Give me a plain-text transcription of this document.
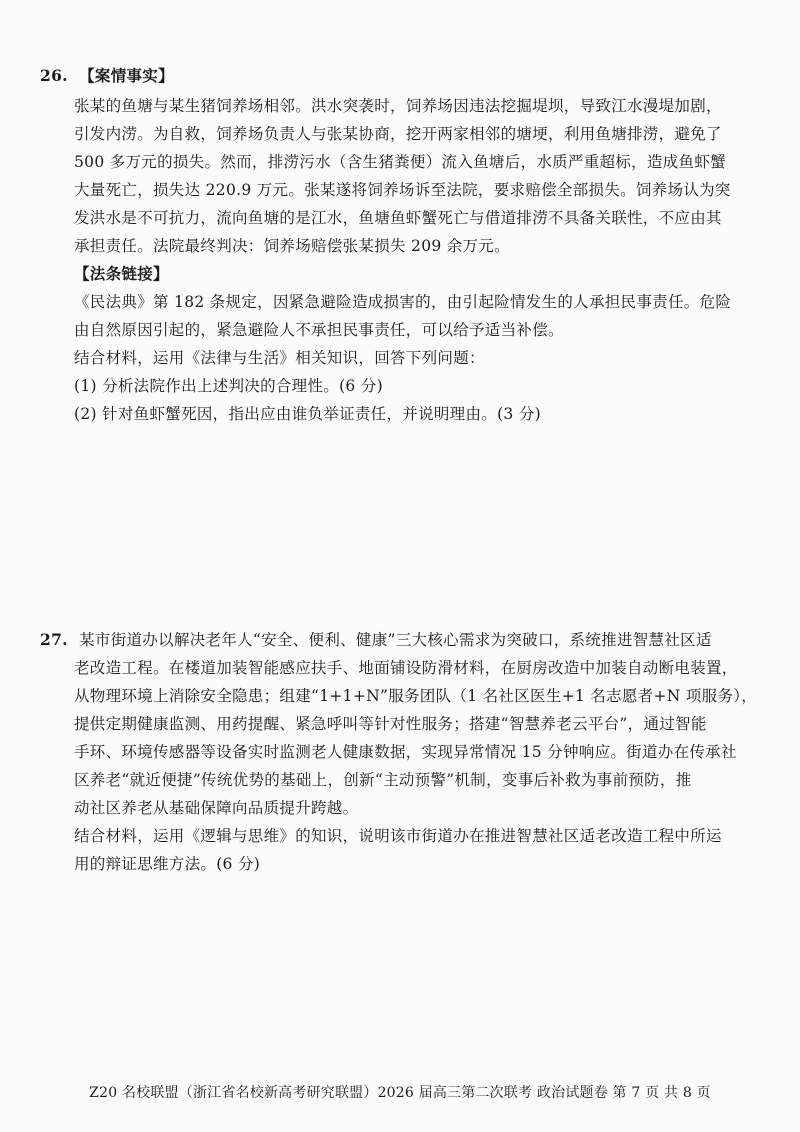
26. 【案情事实】
张某的鱼塘与某生猪饲养场相邻。洪水突袭时，饲养场因违法挖掘堤坝，导致江水漫堤加剧，
引发内涝。为自救，饲养场负责人与张某协商，挖开两家相邻的塘埂，利用鱼塘排涝，避免了
500 多万元的损失。然而，排涝污水（含生猪粪便）流入鱼塘后，水质严重超标，造成鱼虾蟹
大量死亡，损失达 220.9 万元。张某遂将饲养场诉至法院，要求赔偿全部损失。饲养场认为突
发洪水是不可抗力，流向鱼塘的是江水，鱼塘鱼虾蟹死亡与借道排涝不具备关联性，不应由其
承担责任。法院最终判决：饲养场赔偿张某损失 209 余万元。
【法条链接】
《民法典》第 182 条规定，因紧急避险造成损害的，由引起险情发生的人承担民事责任。危险
由自然原因引起的，紧急避险人不承担民事责任，可以给予适当补偿。
结合材料，运用《法律与生活》相关知识，回答下列问题：
(1) 分析法院作出上述判决的合理性。(6 分)
(2) 针对鱼虾蟹死因，指出应由谁负举证责任，并说明理由。(3 分)
27. 某市街道办以解决老年人“安全、便利、健康”三大核心需求为突破口，系统推进智慧社区适
老改造工程。在楼道加装智能感应扶手、地面铺设防滑材料，在厨房改造中加装自动断电装置，
从物理环境上消除安全隐患；组建“1+1+N”服务团队（1 名社区医生+1 名志愿者+N 项服务），
提供定期健康监测、用药提醒、紧急呼叫等针对性服务；搭建“智慧养老云平台”，通过智能
手环、环境传感器等设备实时监测老人健康数据，实现异常情况 15 分钟响应。街道办在传承社
区养老“就近便捷”传统优势的基础上，创新“主动预警”机制，变事后补救为事前预防，推
动社区养老从基础保障向品质提升跨越。
结合材料，运用《逻辑与思维》的知识，说明该市街道办在推进智慧社区适老改造工程中所运
用的辩证思维方法。(6 分)
Z20 名校联盟（浙江省名校新高考研究联盟）2026 届高三第二次联考 政治试题卷 第 7 页 共 8 页
